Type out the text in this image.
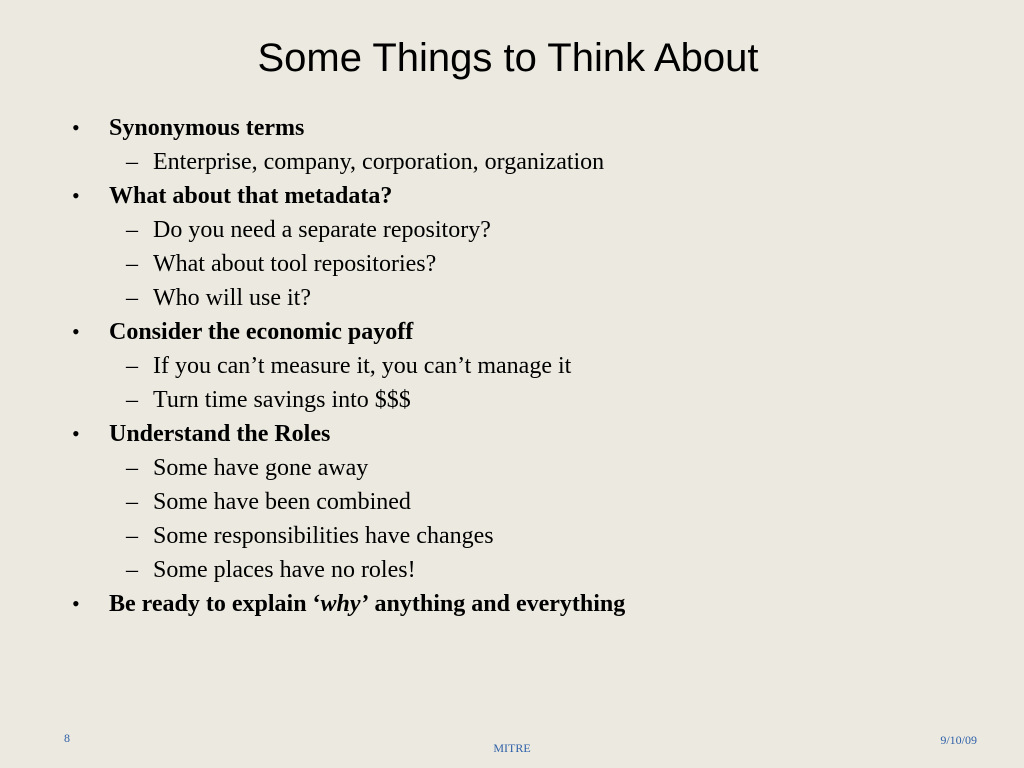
Some Things to Think About
• Synonymous terms
– Enterprise, company, corporation, organization
• What about that metadata?
– Do you need a separate repository?
– What about tool repositories?
– Who will use it?
• Consider the economic payoff
– If you can’t measure it, you can’t manage it
– Turn time savings into $$$
• Understand the Roles
– Some have gone away
– Some have been combined
– Some responsibilities have changes
– Some places have no roles!
• Be ready to explain ‘why’ anything and everything
8
MITRE
9/10/09
